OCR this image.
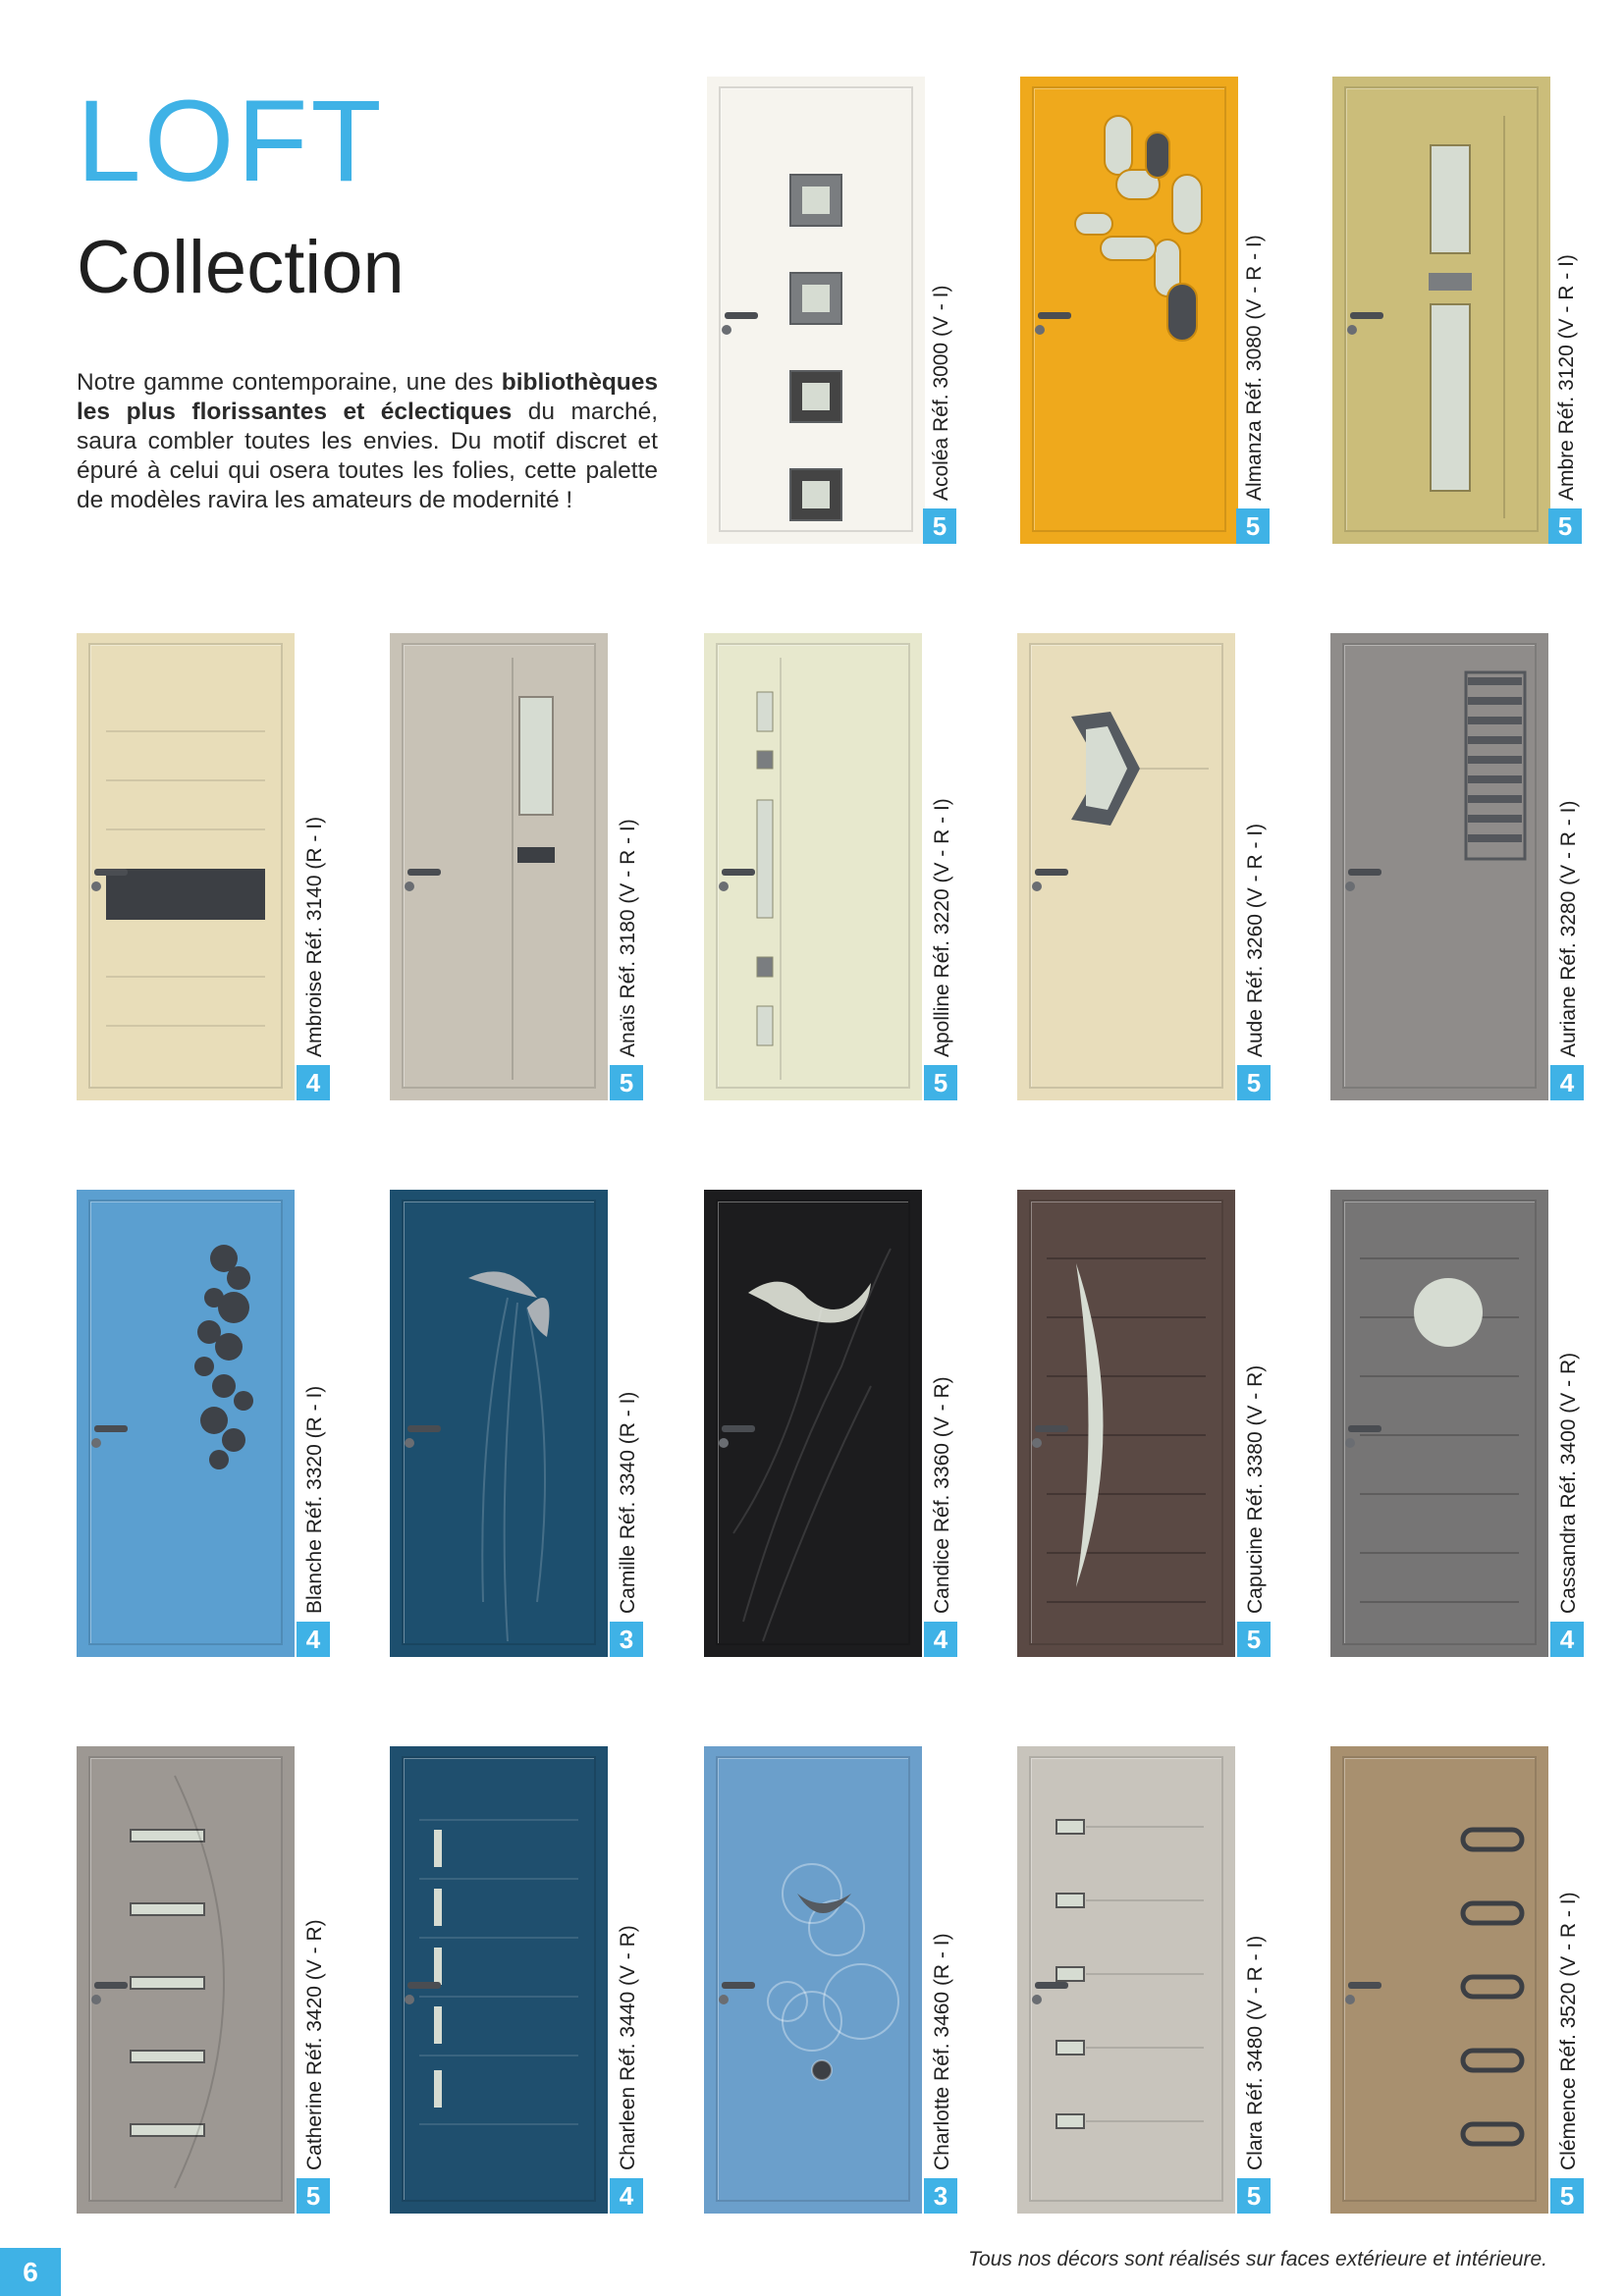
LOFT
Collection
Notre gamme contemporaine, une des bibliothèques les plus florissantes et éclectiques du marché, saura combler toutes les envies. Du motif discret et épuré à celui qui osera toutes les folies, cette palette de modèles ravira les amateurs de modernité !	Acoléa Réf. 3000 (V - I)
5
Almanza Réf. 3080 (V - R - I)
5
Ambre Réf. 3120 (V - R - I)
5
Ambroise Réf. 3140 (R - I)
4
Anaïs Réf. 3180 (V - R - I)
5
Apolline Réf. 3220 (V - R - I)
5
Aude Réf. 3260 (V - R - I)
5
Auriane Réf. 3280 (V - R - I)
4
Blanche Réf. 3320 (R - I)
4
Camille Réf. 3340 (R - I)
3
Candice Réf. 3360 (V - R)
4
Capucine Réf. 3380 (V - R)
5
Cassandra Réf. 3400 (V - R)
4
Catherine Réf. 3420 (V - R)
5
Charleen Réf. 3440 (V - R)
4
Charlotte Réf. 3460 (R - I)
3
Clara Réf. 3480 (V - R - I)
5
Clémence Réf. 3520 (V - R - I)
5
6	Tous nos décors sont réalisés sur faces extérieure et intérieure.
